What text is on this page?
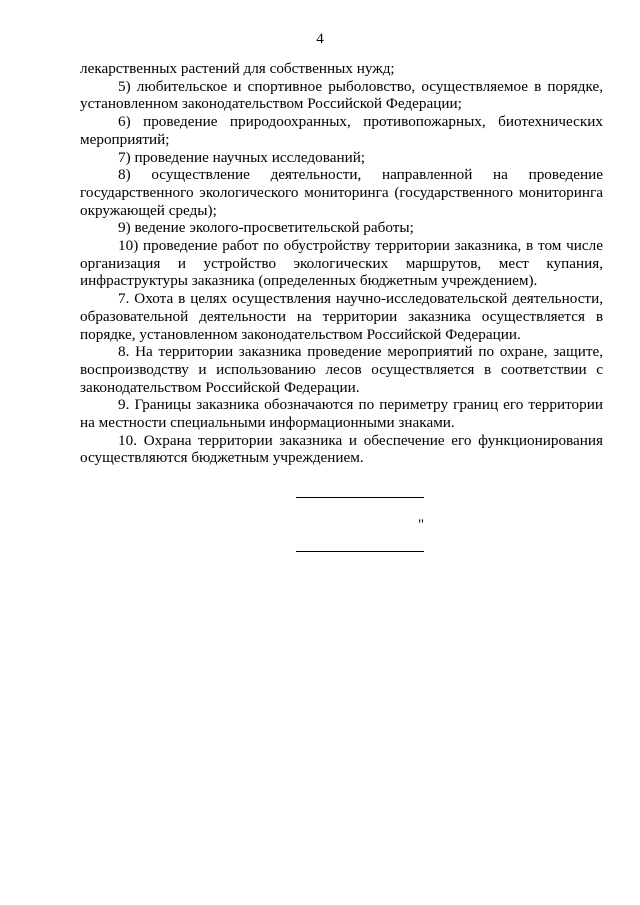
4

лекарственных растений для собственных нужд;

5) любительское и спортивное рыболовство, осуществляемое в порядке, установленном законодательством Российской Федерации;

6) проведение природоохранных, противопожарных, биотехнических мероприятий;

7) проведение научных исследований;

8) осуществление деятельности, направленной на проведение государственного экологического мониторинга (государственного мониторинга окружающей среды);

9) ведение эколого-просветительской работы;

10) проведение работ по обустройству территории заказника, в том числе организация и устройство экологических маршрутов, мест купания, инфраструктуры заказника (определенных бюджетным учреждением).

7. Охота в целях осуществления научно-исследовательской деятельности, образовательной деятельности на территории заказника осуществляется в порядке, установленном законодательством Российской Федерации.

8. На территории заказника проведение мероприятий по охране, защите, воспроизводству и использованию лесов осуществляется в соответствии с законодательством Российской Федерации.

9. Границы заказника обозначаются по периметру границ его территории на местности специальными информационными знаками.

10. Охрана территории заказника и обеспечение его функционирования осуществляются бюджетным учреждением.

"
